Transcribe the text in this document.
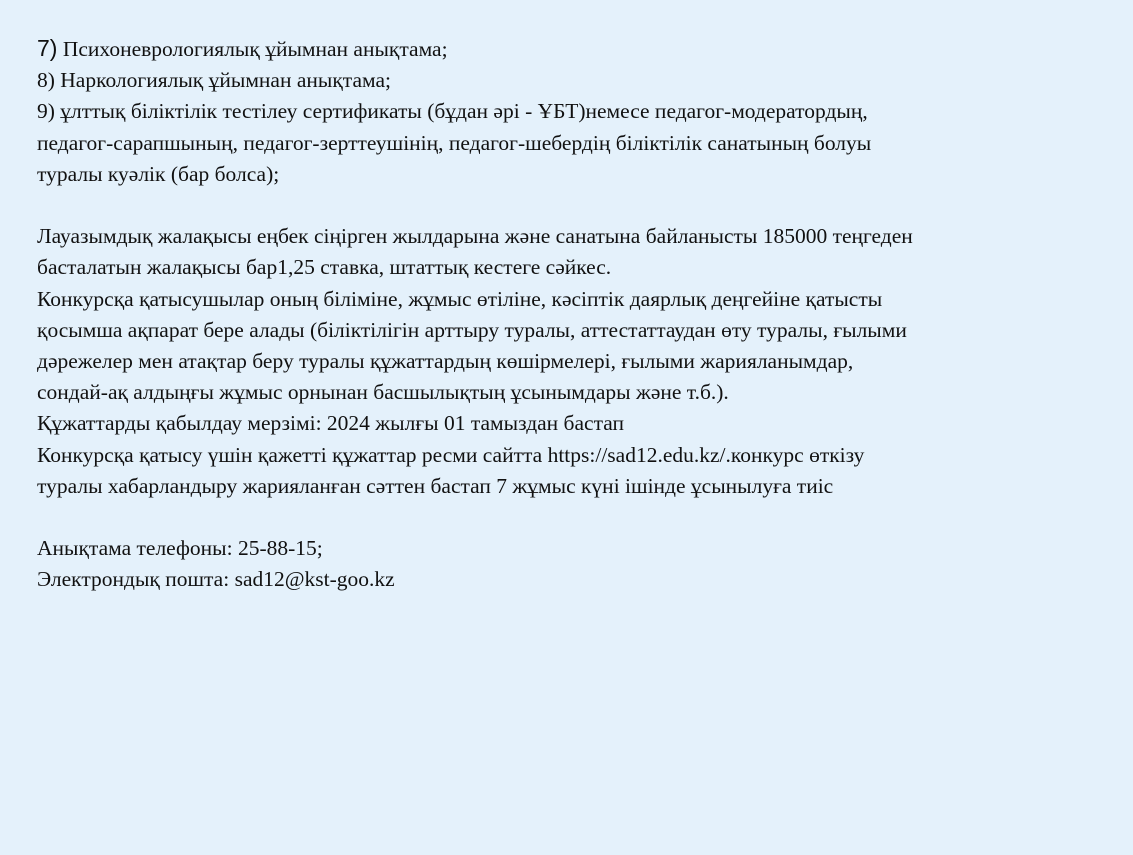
7) Психоневрологиялық ұйымнан анықтама;

8) Наркологиялық ұйымнан анықтама;

9) ұлттық біліктілік тестілеу сертификаты (бұдан әрі - ҰБТ)немесе педагог-модератордың,

педагог-сарапшының, педагог-зерттеушінің, педагог-шебердің біліктілік санатының болуы

туралы куәлік (бар болса);

Лауазымдық жалақысы еңбек сіңірген жылдарына және санатына байланысты 185000 теңгеден

басталатын жалақысы бар1,25 ставка, штаттық кестеге сәйкес.

Конкурсқа қатысушылар оның біліміне, жұмыс өтіліне, кәсіптік даярлық деңгейіне қатысты

қосымша ақпарат бере алады (біліктілігін арттыру туралы, аттестаттаудан өту туралы, ғылыми

дәрежелер мен атақтар беру туралы құжаттардың көшірмелері, ғылыми жарияланымдар,

сондай-ақ алдыңғы жұмыс орнынан басшылықтың ұсынымдары және т.б.).

Құжаттарды қабылдау мерзімі: 2024 жылғы 01 тамыздан бастап

Конкурсқа қатысу үшін қажетті құжаттар ресми сайтта https://sad12.edu.kz/.конкурс өткізу

туралы хабарландыру жарияланған сәттен бастап 7 жұмыс күні ішінде ұсынылуға тиіс

Анықтама телефоны: 25-88-15;

Электрондық пошта: sad12@kst-goo.kz
